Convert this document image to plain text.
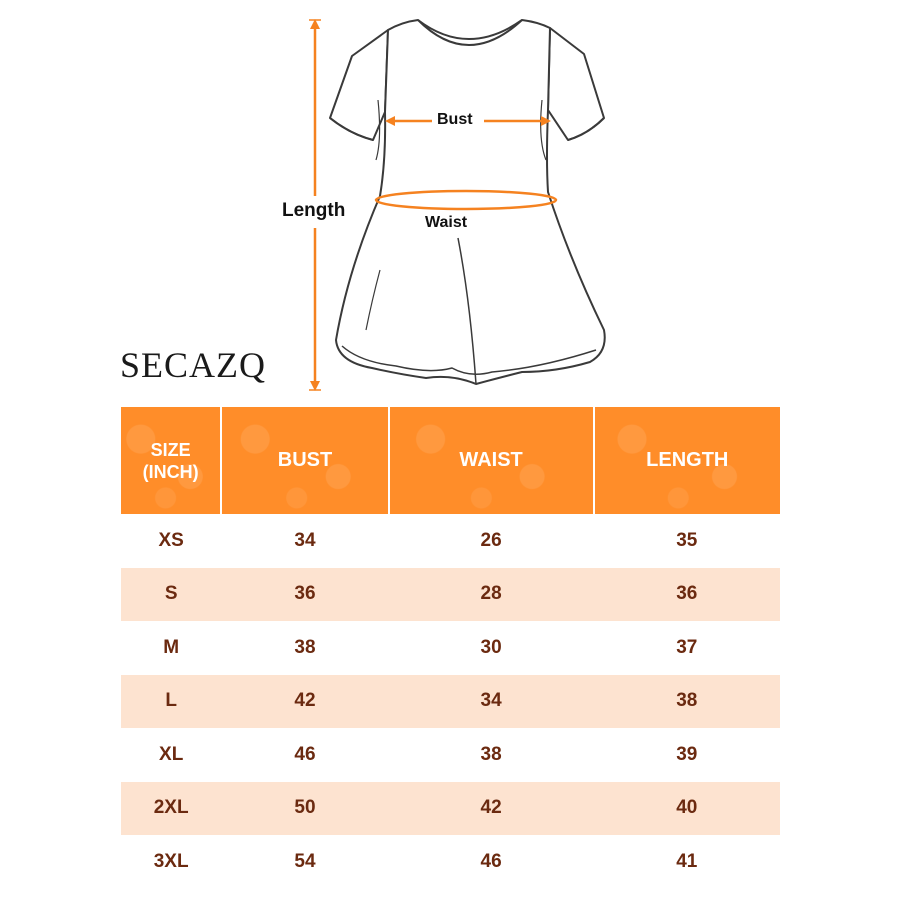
Bust
Waist
Length
SECAZQ
SIZE
(INCH)	BUST	WAIST	LENGTH
XS	34	26	35
S	36	28	36
M	38	30	37
L	42	34	38
XL	46	38	39
2XL	50	42	40
3XL	54	46	41
